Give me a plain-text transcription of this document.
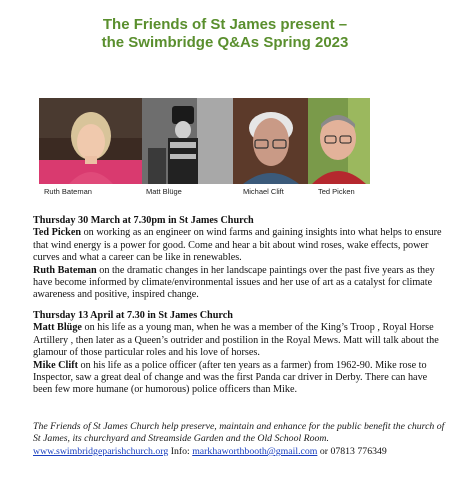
The Friends of St James present –
the Swimbridge Q&As Spring 2023
Ruth Bateman	Matt Blüge	Michael Clift	Ted Picken

Thursday 30 March at 7.30pm in St James Church

Ted Picken on working as an engineer on wind farms and gaining insights into what helps to ensure that wind energy is a power for good. Come and hear a bit about wind roses, wake effects, power curves and what a career can be like in renewables.

Ruth Bateman on the dramatic changes in her landscape paintings over the past five years as they have become informed by climate/environmental issues and her use of art as a catalyst for climate awareness and positive, inspired change.

Thursday 13 April at 7.30 in St James Church

Matt Blüge on his life as a young man, when he was a member of the King’s Troop , Royal Horse Artillery , then later as a Queen’s outrider and postilion in the Royal Mews. Matt will talk about the glamour of those particular roles and his love of horses.

Mike Clift on his life as a police officer (after ten years as a farmer) from 1962-90. Mike rose to Inspector, saw a great deal of change and was the first Panda car driver in Derby. There can have been few more humane (or humorous) police officers than Mike.

The Friends of St James Church help preserve, maintain and enhance for the public benefit the church of St James, its churchyard and Streamside Garden and the Old School Room.
www.swimbridgeparishchurch.org Info: markhaworthbooth@gmail.com or 07813 776349
